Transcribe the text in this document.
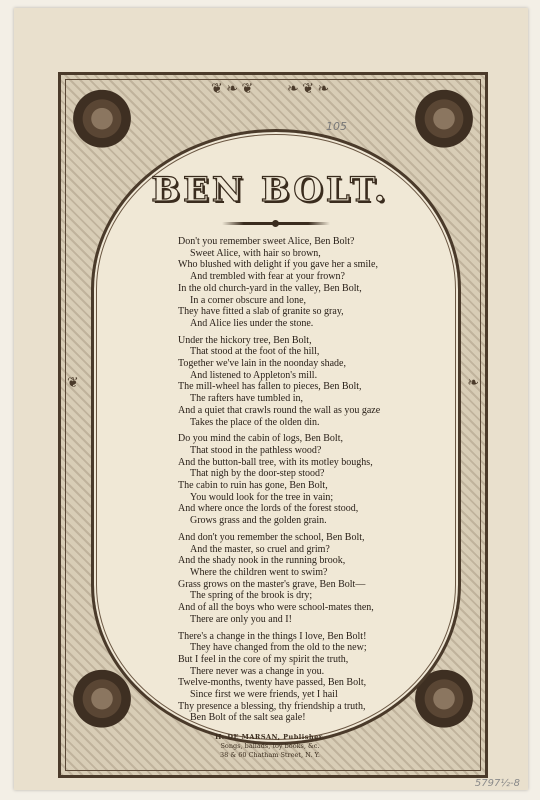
❦ ❧ ❦ ❧ ❦ ❧
❦	❧
105
BEN BOLT.
Don't you remember sweet Alice, Ben Bolt?
Sweet Alice, with hair so brown,
Who blushed with delight if you gave her a smile,
And trembled with fear at your frown?
In the old church-yard in the valley, Ben Bolt,
In a corner obscure and lone,
They have fitted a slab of granite so gray,
And Alice lies under the stone.
Under the hickory tree, Ben Bolt,
That stood at the foot of the hill,
Together we've lain in the noonday shade,
And listened to Appleton's mill.
The mill-wheel has fallen to pieces, Ben Bolt,
The rafters have tumbled in,
And a quiet that crawls round the wall as you gaze
Takes the place of the olden din.
Do you mind the cabin of logs, Ben Bolt,
That stood in the pathless wood?
And the button-ball tree, with its motley boughs,
That nigh by the door-step stood?
The cabin to ruin has gone, Ben Bolt,
You would look for the tree in vain;
And where once the lords of the forest stood,
Grows grass and the golden grain.
And don't you remember the school, Ben Bolt,
And the master, so cruel and grim?
And the shady nook in the running brook,
Where the children went to swim?
Grass grows on the master's grave, Ben Bolt—
The spring of the brook is dry;
And of all the boys who were school-mates then,
There are only you and I!
There's a change in the things I love, Ben Bolt!
They have changed from the old to the new;
But I feel in the core of my spirit the truth,
There never was a change in you.
Twelve-months, twenty have passed, Ben Bolt,
Since first we were friends, yet I hail
Thy presence a blessing, thy friendship a truth,
Ben Bolt of the salt sea gale!
H. DE MARSAN, Publisher.
Songs, ballads, toy books, &c.
38 & 60 Chatham Street, N. Y.
5797½-8
